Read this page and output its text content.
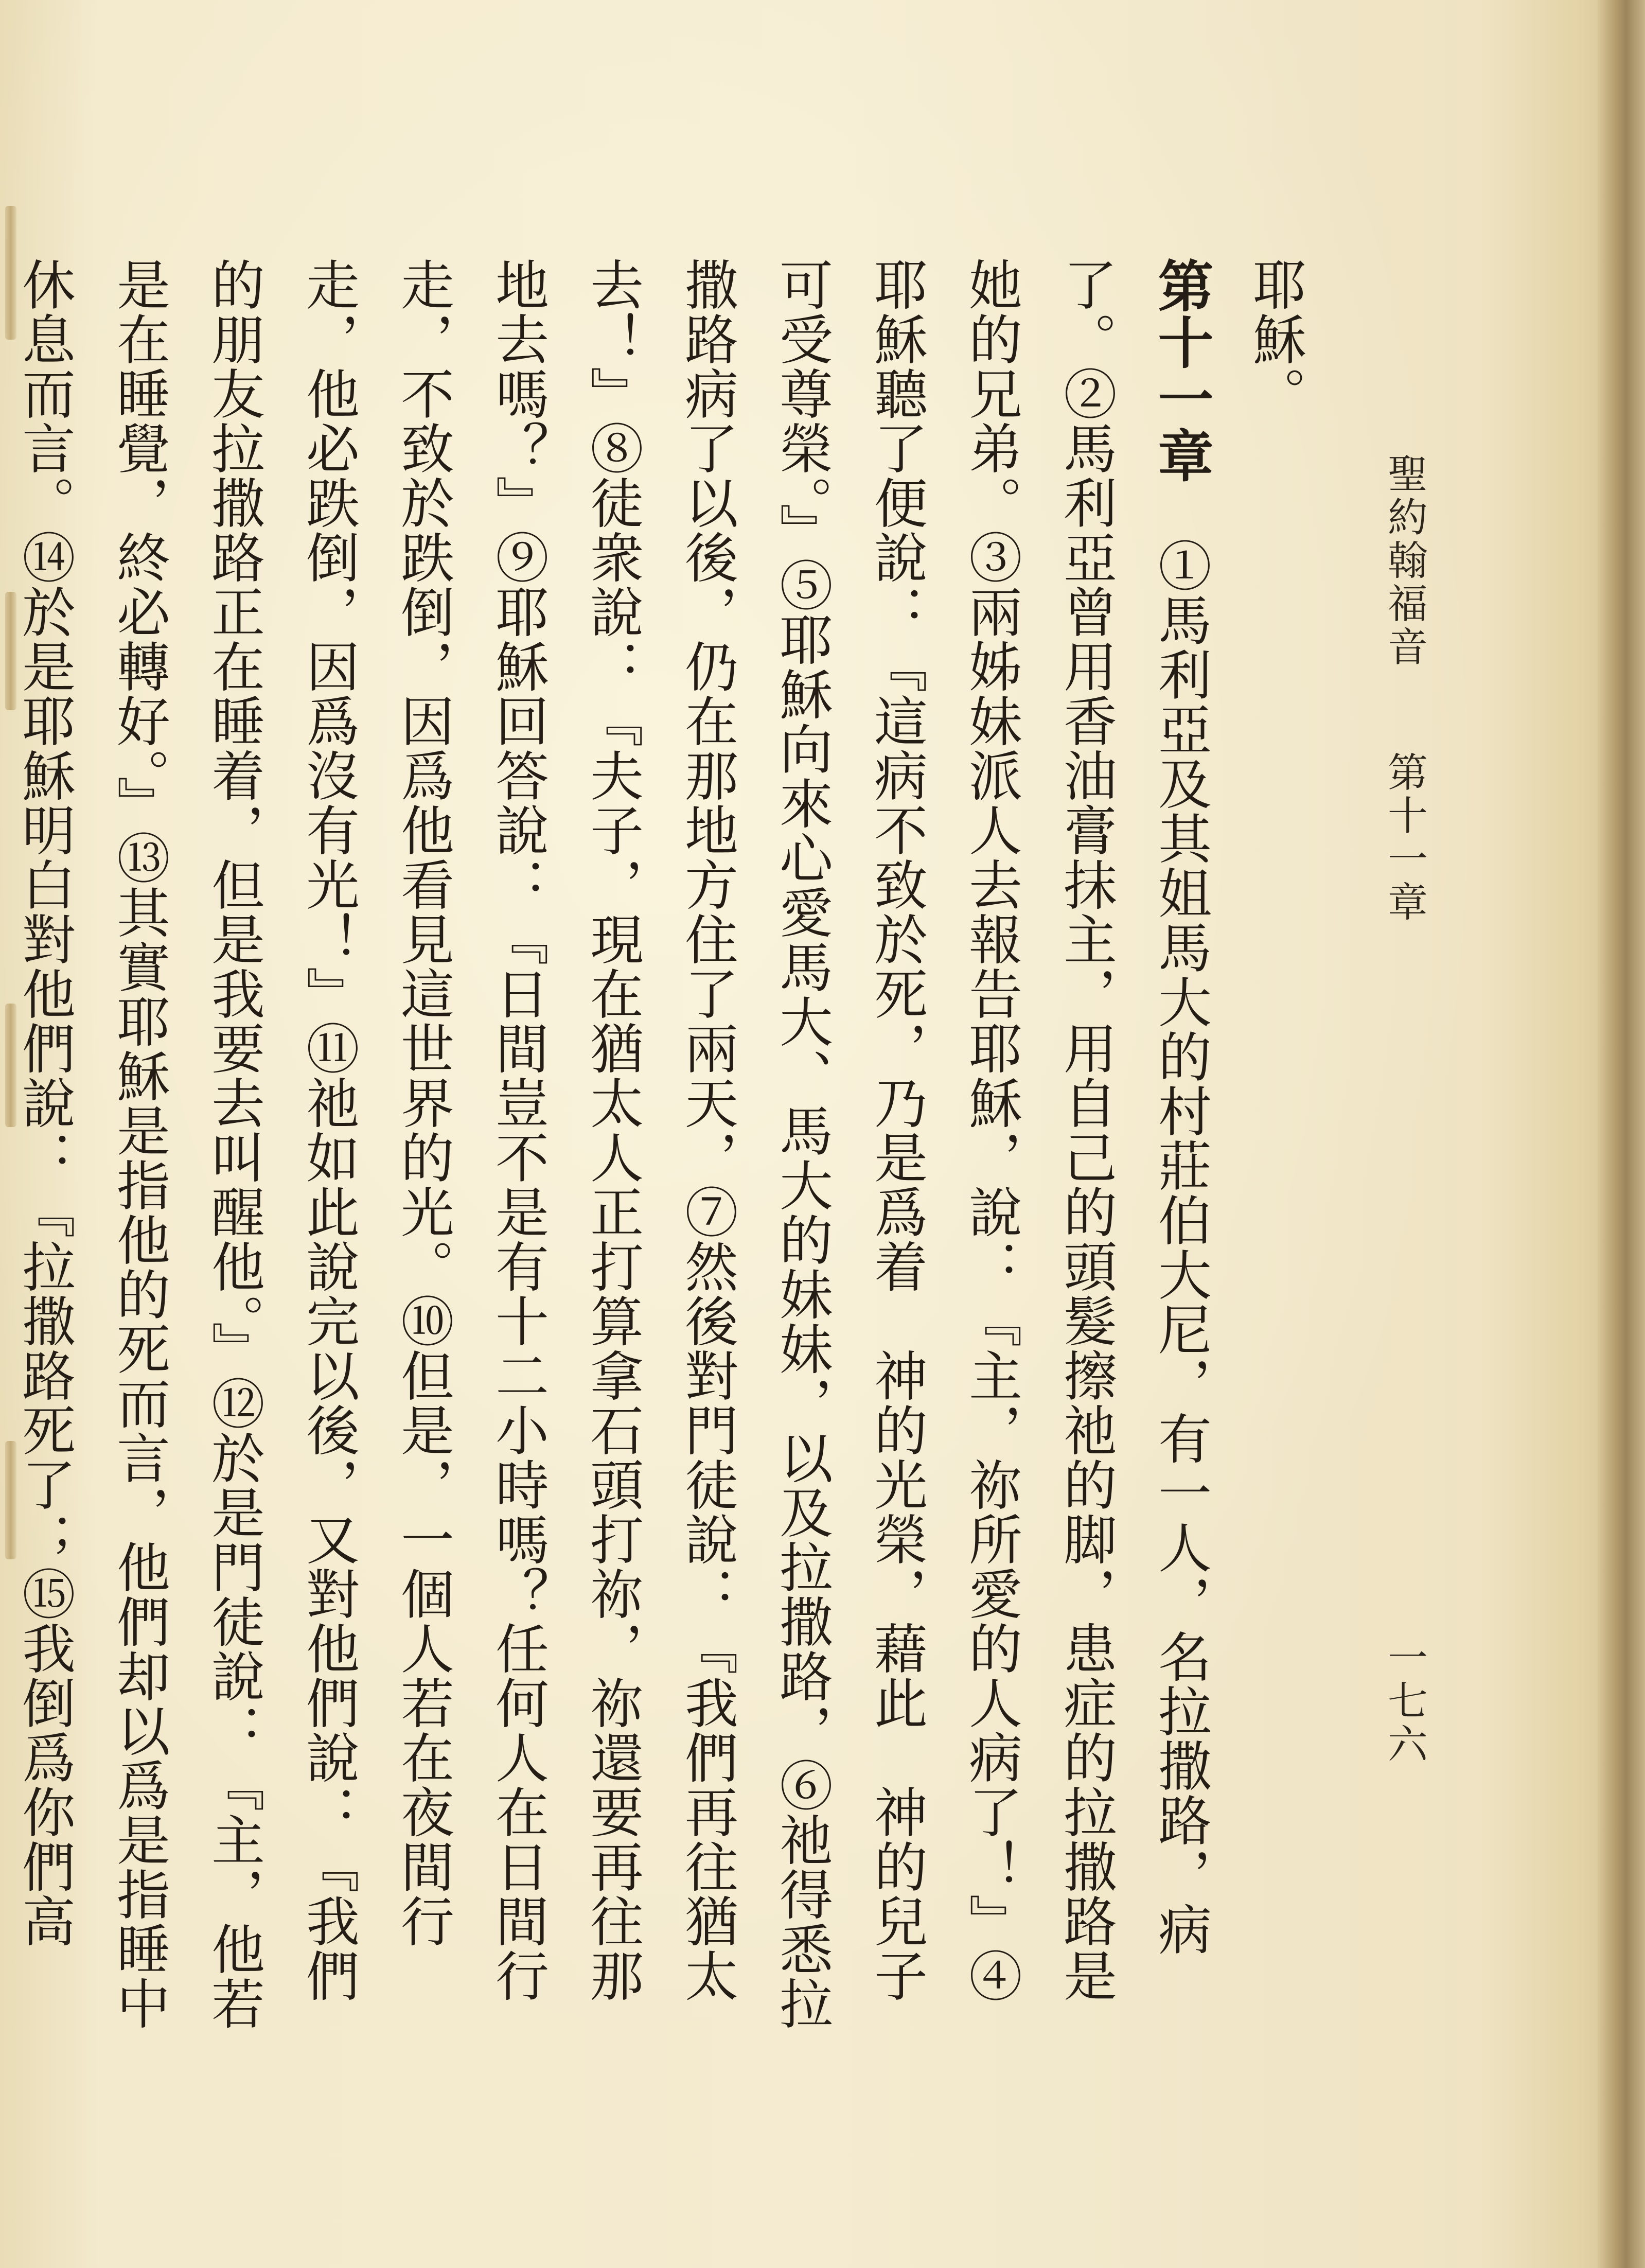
聖約翰福音
第十一章
一七六

耶穌。

第十一章　①馬利亞及其姐馬大的村莊伯大尼，有一人，名拉撒路，病了。②馬利亞曾用香油膏抹主，用自己的頭髮擦祂的脚，患症的拉撒路是她的兄弟。③兩姊妹派人去報告耶穌，說：『主，祢所愛的人病了！』④耶穌聽了便說：『這病不致於死，乃是爲着　神的光榮，藉此　神的兒子可受尊榮。』⑤耶穌向來心愛馬大、馬大的妹妹，以及拉撒路，⑥祂得悉拉撒路病了以後，仍在那地方住了兩天，⑦然後對門徒說：『我們再往猶太去！』⑧徒衆說：『夫子，現在猶太人正打算拿石頭打祢，祢還要再往那地去嗎？』⑨耶穌回答說：『日間豈不是有十二小時嗎？任何人在日間行走，不致於跌倒，因爲他看見這世界的光。⑩但是，一個人若在夜間行走，他必跌倒，因爲沒有光！』⑪祂如此說完以後，又對他們說：『我們的朋友拉撒路正在睡着，但是我要去叫醒他。』⑫於是門徒說：『主，他若是在睡覺，終必轉好。』⑬其實耶穌是指他的死而言，他們却以爲是指睡中休息而言。⑭於是耶穌明白對他們說：『拉撒路死了；⑮我倒爲你們高
